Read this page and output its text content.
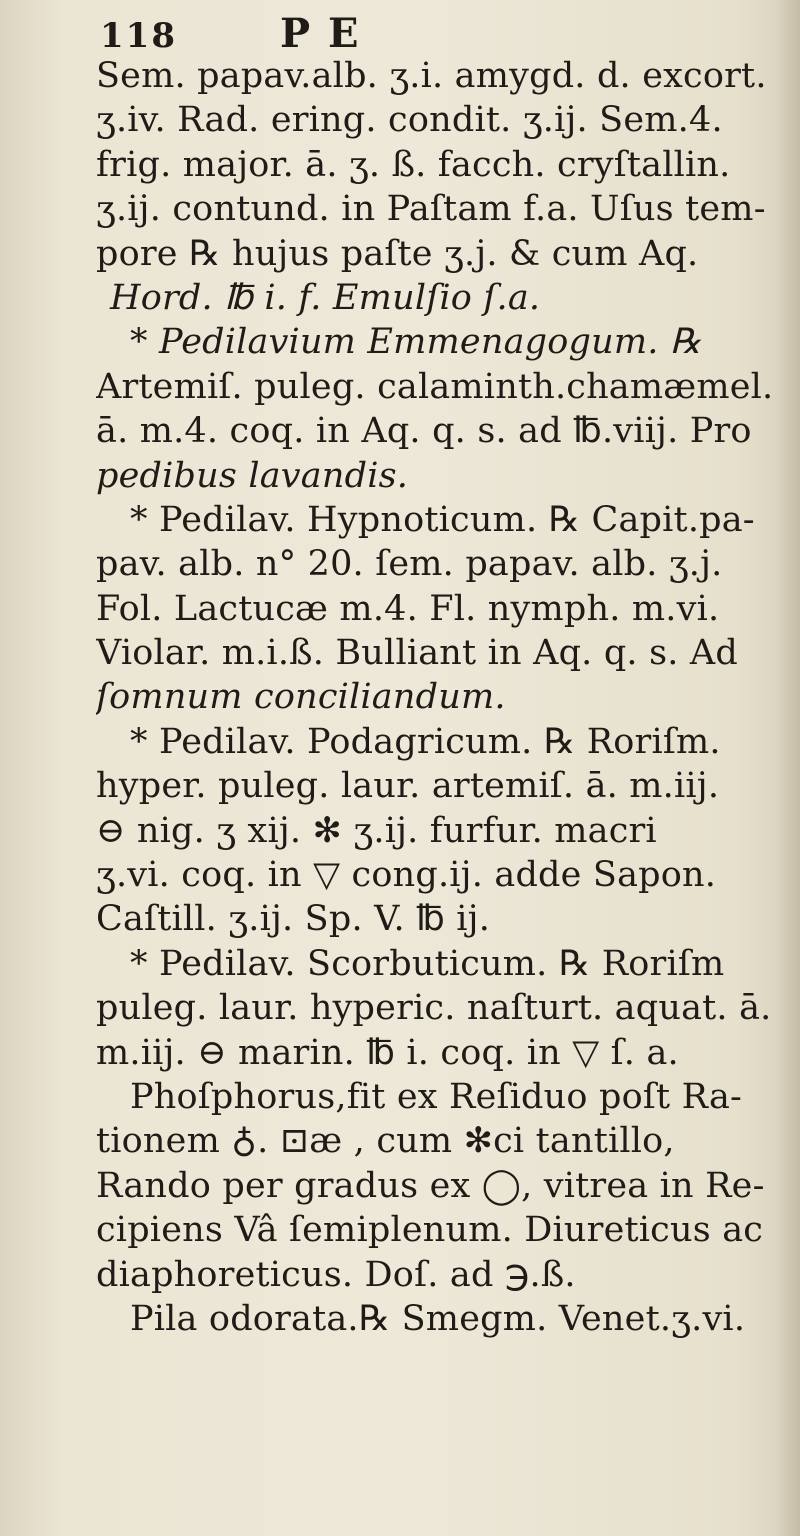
118	P E
Sem. papav.alb. ʒ.i. amygd. d. excort.
ʒ.iv. Rad. ering. condit. ʒ.ij. Sem.4.
frig. major. ā. ʒ. ß. facch. cryſtallin.
ʒ.ij. contund. in Paſtam f.a. Uſus tem-
pore ℞ hujus paſte ʒ.j. & cum Aq.
Hord. ℔ i. f. Emulſio ſ.a.
* Pedilavium Emmenagogum. ℞
Artemiſ. puleg. calaminth.chamæmel.
ā. m.4. coq. in Aq. q. s. ad ℔.viij. Pro
pedibus lavandis.
* Pedilav. Hypnoticum. ℞ Capit.pa-
pav. alb. n° 20. ſem. papav. alb. ʒ.j.
Fol. Lactucæ m.4. Fl. nymph. m.vi.
Violar. m.i.ß. Bulliant in Aq. q. s. Ad
ſomnum conciliandum.
* Pedilav. Podagricum. ℞ Roriſm.
hyper. puleg. laur. artemiſ. ā. m.iij.
⊖ nig. ʒ xij. ✻ ʒ.ij. furfur. macri
ʒ.vi. coq. in ▽ cong.ij. adde Sapon.
Caſtill. ʒ.ij. Sp. V. ℔ ij.
* Pedilav. Scorbuticum. ℞ Roriſm
puleg. laur. hyperic. naſturt. aquat. ā.
m.iij. ⊖ marin. ℔ i. coq. in ▽ ſ. a.
Phoſphorus,fit ex Reſiduo poſt Ra-
tionem ♁. ⊡æ , cum ✻ci tantillo,
Rando per gradus ex ◯, vitrea in Re-
cipiens Vâ ſemiplenum. Diureticus ac
diaphoreticus. Doſ. ad ℈.ß.
Pila odorata.℞ Smegm. Venet.ʒ.vi.
